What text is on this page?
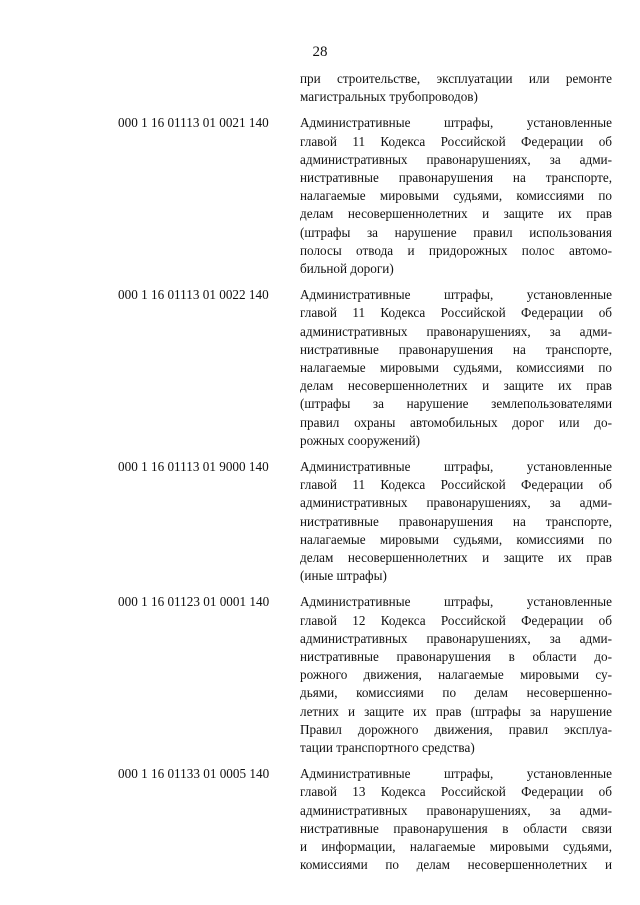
28
при строительстве, эксплуатации или ремонте
магистральных трубопроводов)
000 1 16 01113 01 0021 140	Административные штрафы, установленные
главой 11 Кодекса Российской Федерации об
административных правонарушениях, за адми-
нистративные правонарушения на транспорте,
налагаемые мировыми судьями, комиссиями по
делам несовершеннолетних и защите их прав
(штрафы за нарушение правил использования
полосы отвода и придорожных полос автомо-
бильной дороги)
000 1 16 01113 01 0022 140	Административные штрафы, установленные
главой 11 Кодекса Российской Федерации об
административных правонарушениях, за адми-
нистративные правонарушения на транспорте,
налагаемые мировыми судьями, комиссиями по
делам несовершеннолетних и защите их прав
(штрафы за нарушение землепользователями
правил охраны автомобильных дорог или до-
рожных сооружений)
000 1 16 01113 01 9000 140	Административные штрафы, установленные
главой 11 Кодекса Российской Федерации об
административных правонарушениях, за адми-
нистративные правонарушения на транспорте,
налагаемые мировыми судьями, комиссиями по
делам несовершеннолетних и защите их прав
(иные штрафы)
000 1 16 01123 01 0001 140	Административные штрафы, установленные
главой 12 Кодекса Российской Федерации об
административных правонарушениях, за адми-
нистративные правонарушения в области до-
рожного движения, налагаемые мировыми су-
дьями, комиссиями по делам несовершенно-
летних и защите их прав (штрафы за нарушение
Правил дорожного движения, правил эксплуа-
тации транспортного средства)
000 1 16 01133 01 0005 140	Административные штрафы, установленные
главой 13 Кодекса Российской Федерации об
административных правонарушениях, за адми-
нистративные правонарушения в области связи
и информации, налагаемые мировыми судьями,
комиссиями по делам несовершеннолетних и
